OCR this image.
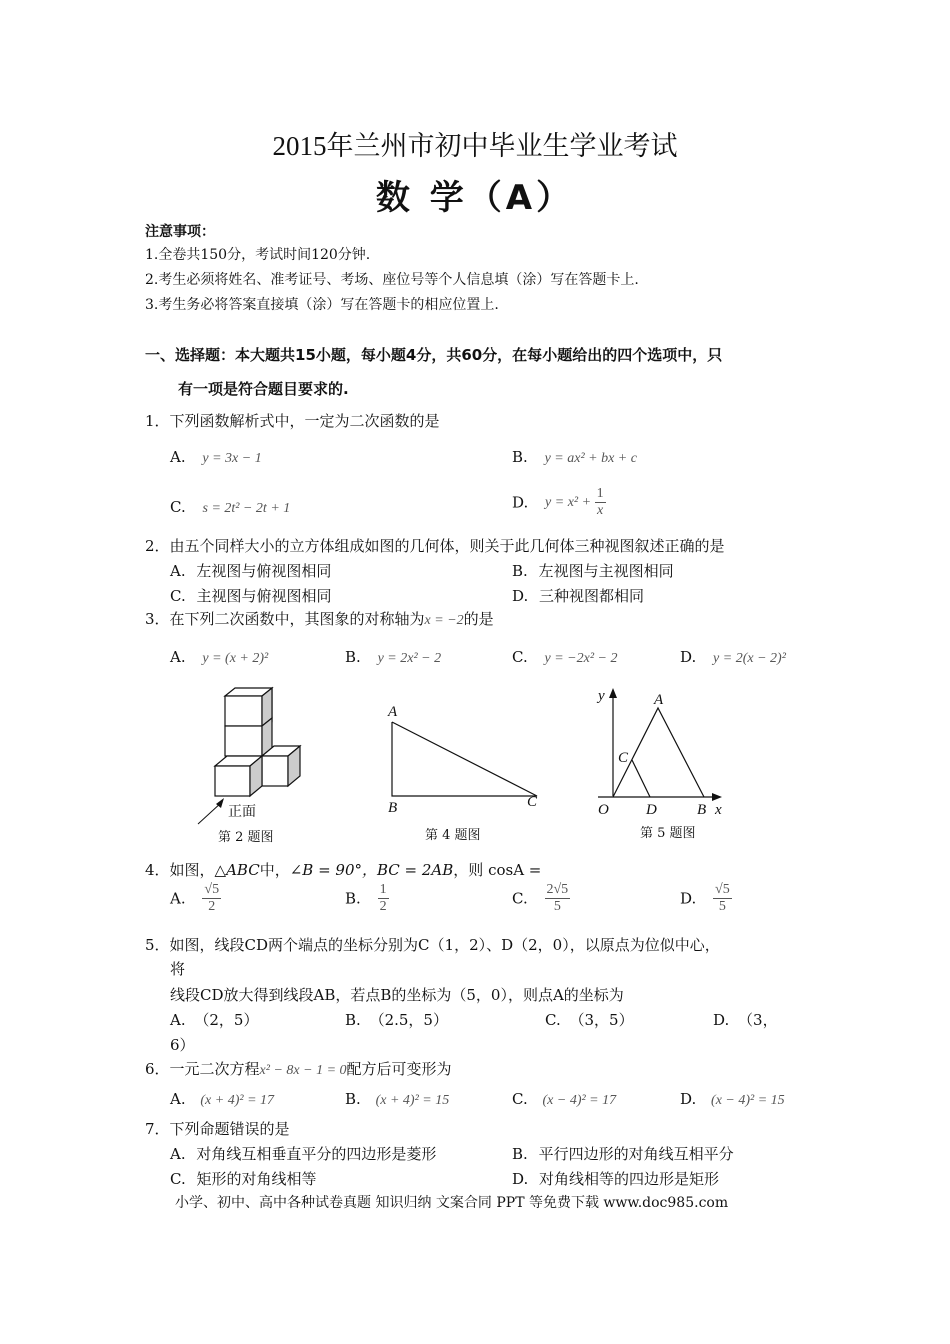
2015年兰州市初中毕业生学业考试
数 学（A）
注意事项：
1.全卷共150分，考试时间120分钟.
2.考生必须将姓名、准考证号、考场、座位号等个人信息填（涂）写在答题卡上.
3.考生务必将答案直接填（涂）写在答题卡的相应位置上.
一、选择题：本大题共15小题，每小题4分，共60分，在每小题给出的四个选项中，只
有一项是符合题目要求的.
1．下列函数解析式中，一定为二次函数的是
A. y = 3x − 1	B. y = ax² + bx + c
C. s = 2t² − 2t + 1	D. $y = x^2 + \frac{1}{x}$
2．由五个同样大小的立方体组成如图的几何体，则关于此几何体三种视图叙述正确的是
A. 左视图与俯视图相同	B. 左视图与主视图相同
C. 主视图与俯视图相同	D. 三种视图都相同
3．在下列二次函数中，其图象的对称轴为x = −2的是
A. y = (x + 2)²	B. y = 2x² − 2	C. y = −2x² − 2	D. y = 2(x − 2)²
正面
第 2 题图
A
B	C
第 4 题图
y	A
C
O D	B x
第 5 题图
4．如图，△ABC中，∠B = 90°，BC = 2AB，则 cosA =
A. $\frac{√5}{2}$	B. $\frac{1}{2}$	C. $\frac{2√5}{5}$	D. $\frac{√5}{5}$
5．如图，线段CD两个端点的坐标分别为C（1，2）、D（2，0），以原点为位似中心，
将
线段CD放大得到线段AB，若点B的坐标为（5，0），则点A的坐标为
A. （2，5）	B. （2.5，5）	C. （3，5）	D. （3，
6）
6．一元二次方程x² − 8x − 1 = 0配方后可变形为
A. (x + 4)² = 17	B. (x + 4)² = 15	C. (x − 4)² = 17	D. (x − 4)² = 15
7．下列命题错误的是
A. 对角线互相垂直平分的四边形是菱形	B. 平行四边形的对角线互相平分
C. 矩形的对角线相等	D. 对角线相等的四边形是矩形
小学、初中、高中各种试卷真题 知识归纳 文案合同 PPT 等免费下载 www.doc985.com
